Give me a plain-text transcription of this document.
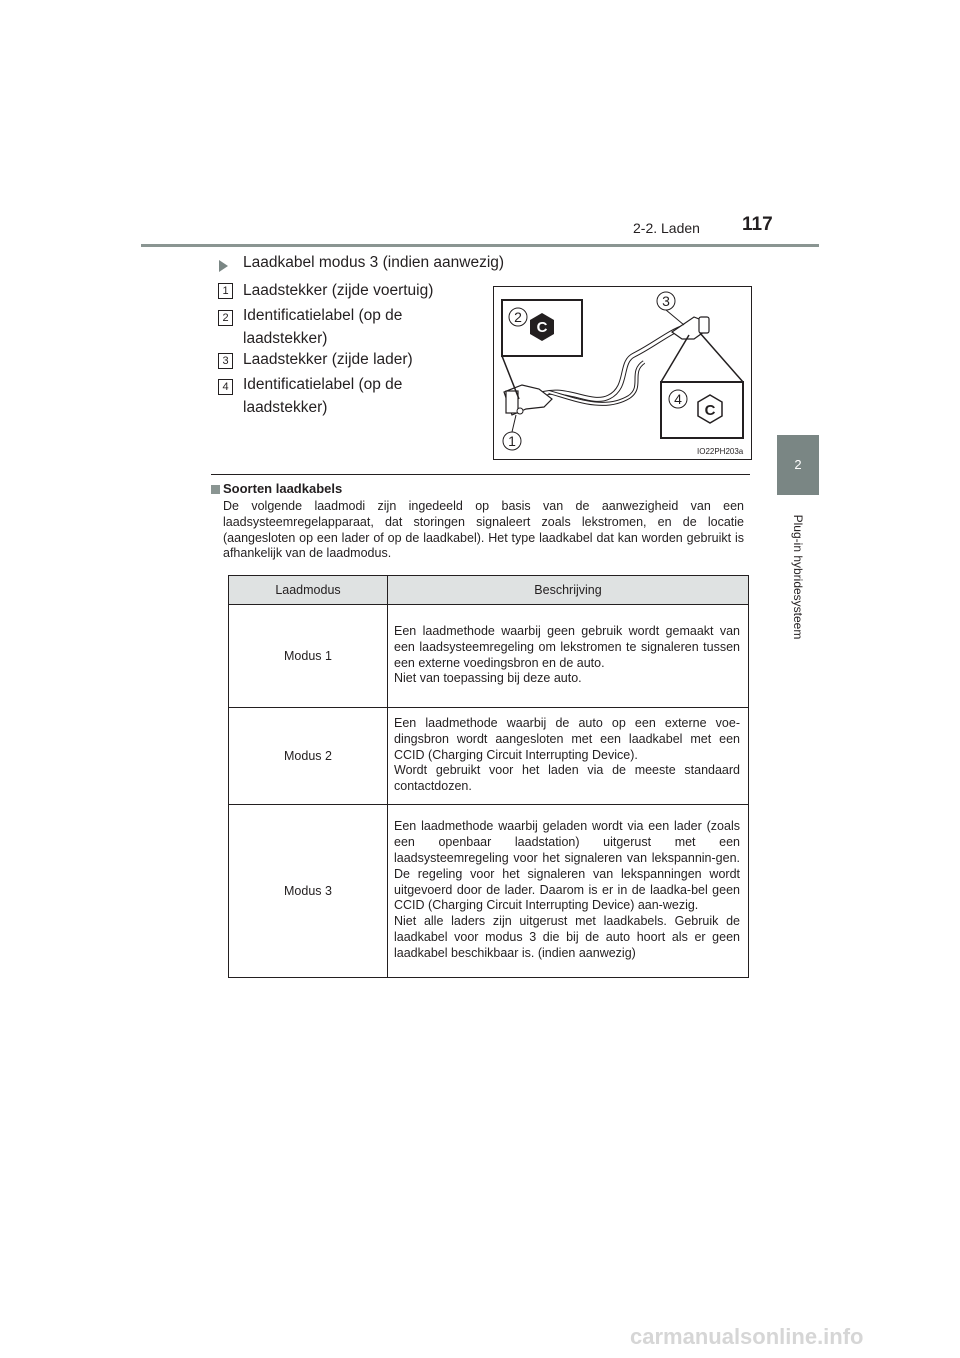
2-2. Laden 117
2
Plug-in hybridesysteem
Laadkabel modus 3 (indien aanwezig)
1 Laadstekker (zijde voertuig)
2 Identificatielabel (op de laadstekker)
3 Laadstekker (zijde lader)
4 Identificatielabel (op de laadstekker)
C
C
2
3
4
1
IO22PH203a
Soorten laadkabels
De volgende laadmodi zijn ingedeeld op basis van de aanwezigheid van een laadsysteemregelapparaat, dat storingen signaleert zoals lekstromen, en de locatie (aangesloten op een lader of op de laadkabel). Het type laadkabel dat kan worden gebruikt is afhankelijk van de laadmodus.
Laadmodus	Beschrijving
Modus 1	Een laadmethode waarbij geen gebruik wordt gemaakt van een laadsysteemregeling om lekstromen te signaleren tussen een externe voedingsbron en de auto.
Niet van toepassing bij deze auto.

Modus 2	Een laadmethode waarbij de auto op een externe voe-dingsbron wordt aangesloten met een laadkabel met een CCID (Charging Circuit Interrupting Device).
Wordt gebruikt voor het laden via de meeste standaard contactdozen.

Modus 3	Een laadmethode waarbij geladen wordt via een lader (zoals een openbaar laadstation) uitgerust met een laadsysteemregeling voor het signaleren van lekspannin-gen. De regeling voor het signaleren van lekspanningen wordt uitgevoerd door de lader. Daarom is er in de laadka-bel geen CCID (Charging Circuit Interrupting Device) aan-wezig.
Niet alle laders zijn uitgerust met laadkabels. Gebruik de laadkabel voor modus 3 die bij de auto hoort als er geen laadkabel beschikbaar is. (indien aanwezig)
carmanualsonline.info
